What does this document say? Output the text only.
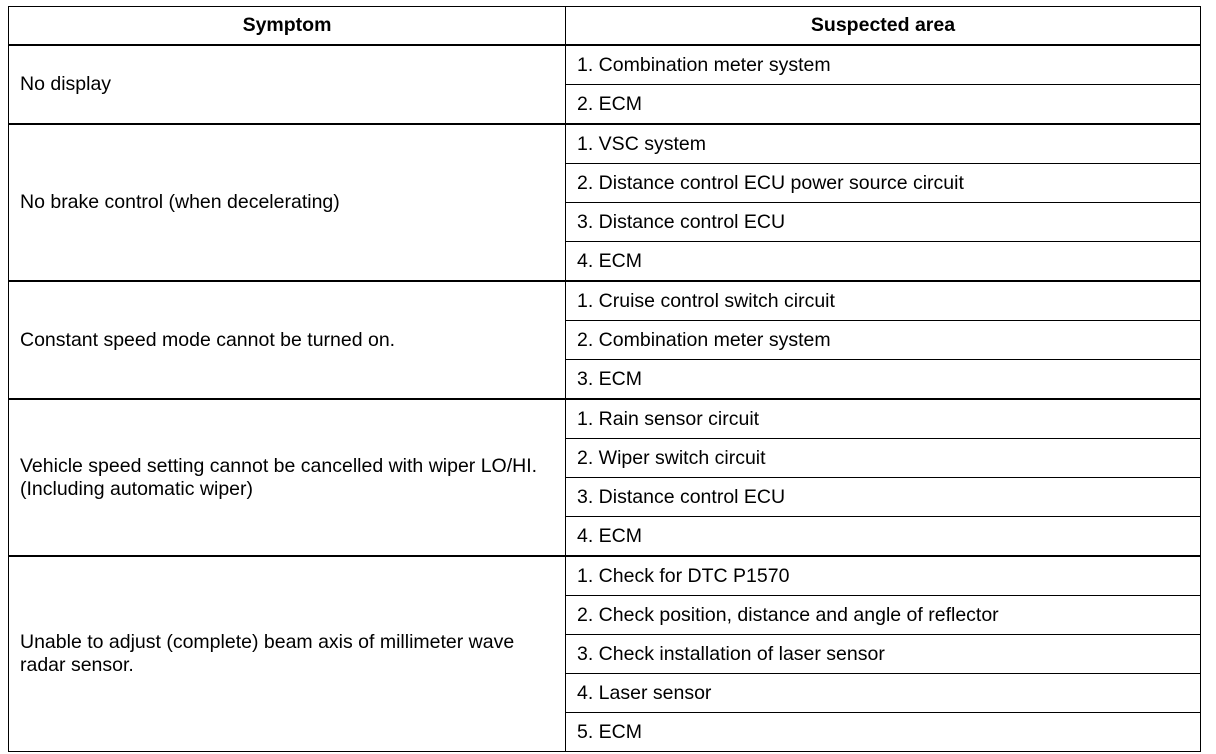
Symptom	Suspected area
No display	1. Combination meter system
	2. ECM
No brake control (when decelerating)	1. VSC system
	2. Distance control ECU power source circuit
	3. Distance control ECU
	4. ECM
Constant speed mode cannot be turned on.	1. Cruise control switch circuit
	2. Combination meter system
	3. ECM
Vehicle speed setting cannot be cancelled with wiper LO/HI. (Including automatic wiper)	1. Rain sensor circuit
	2. Wiper switch circuit
	3. Distance control ECU
	4. ECM
Unable to adjust (complete) beam axis of millimeter wave radar sensor.	1. Check for DTC P1570
	2. Check position, distance and angle of reflector
	3. Check installation of laser sensor
	4. Laser sensor
	5. ECM
